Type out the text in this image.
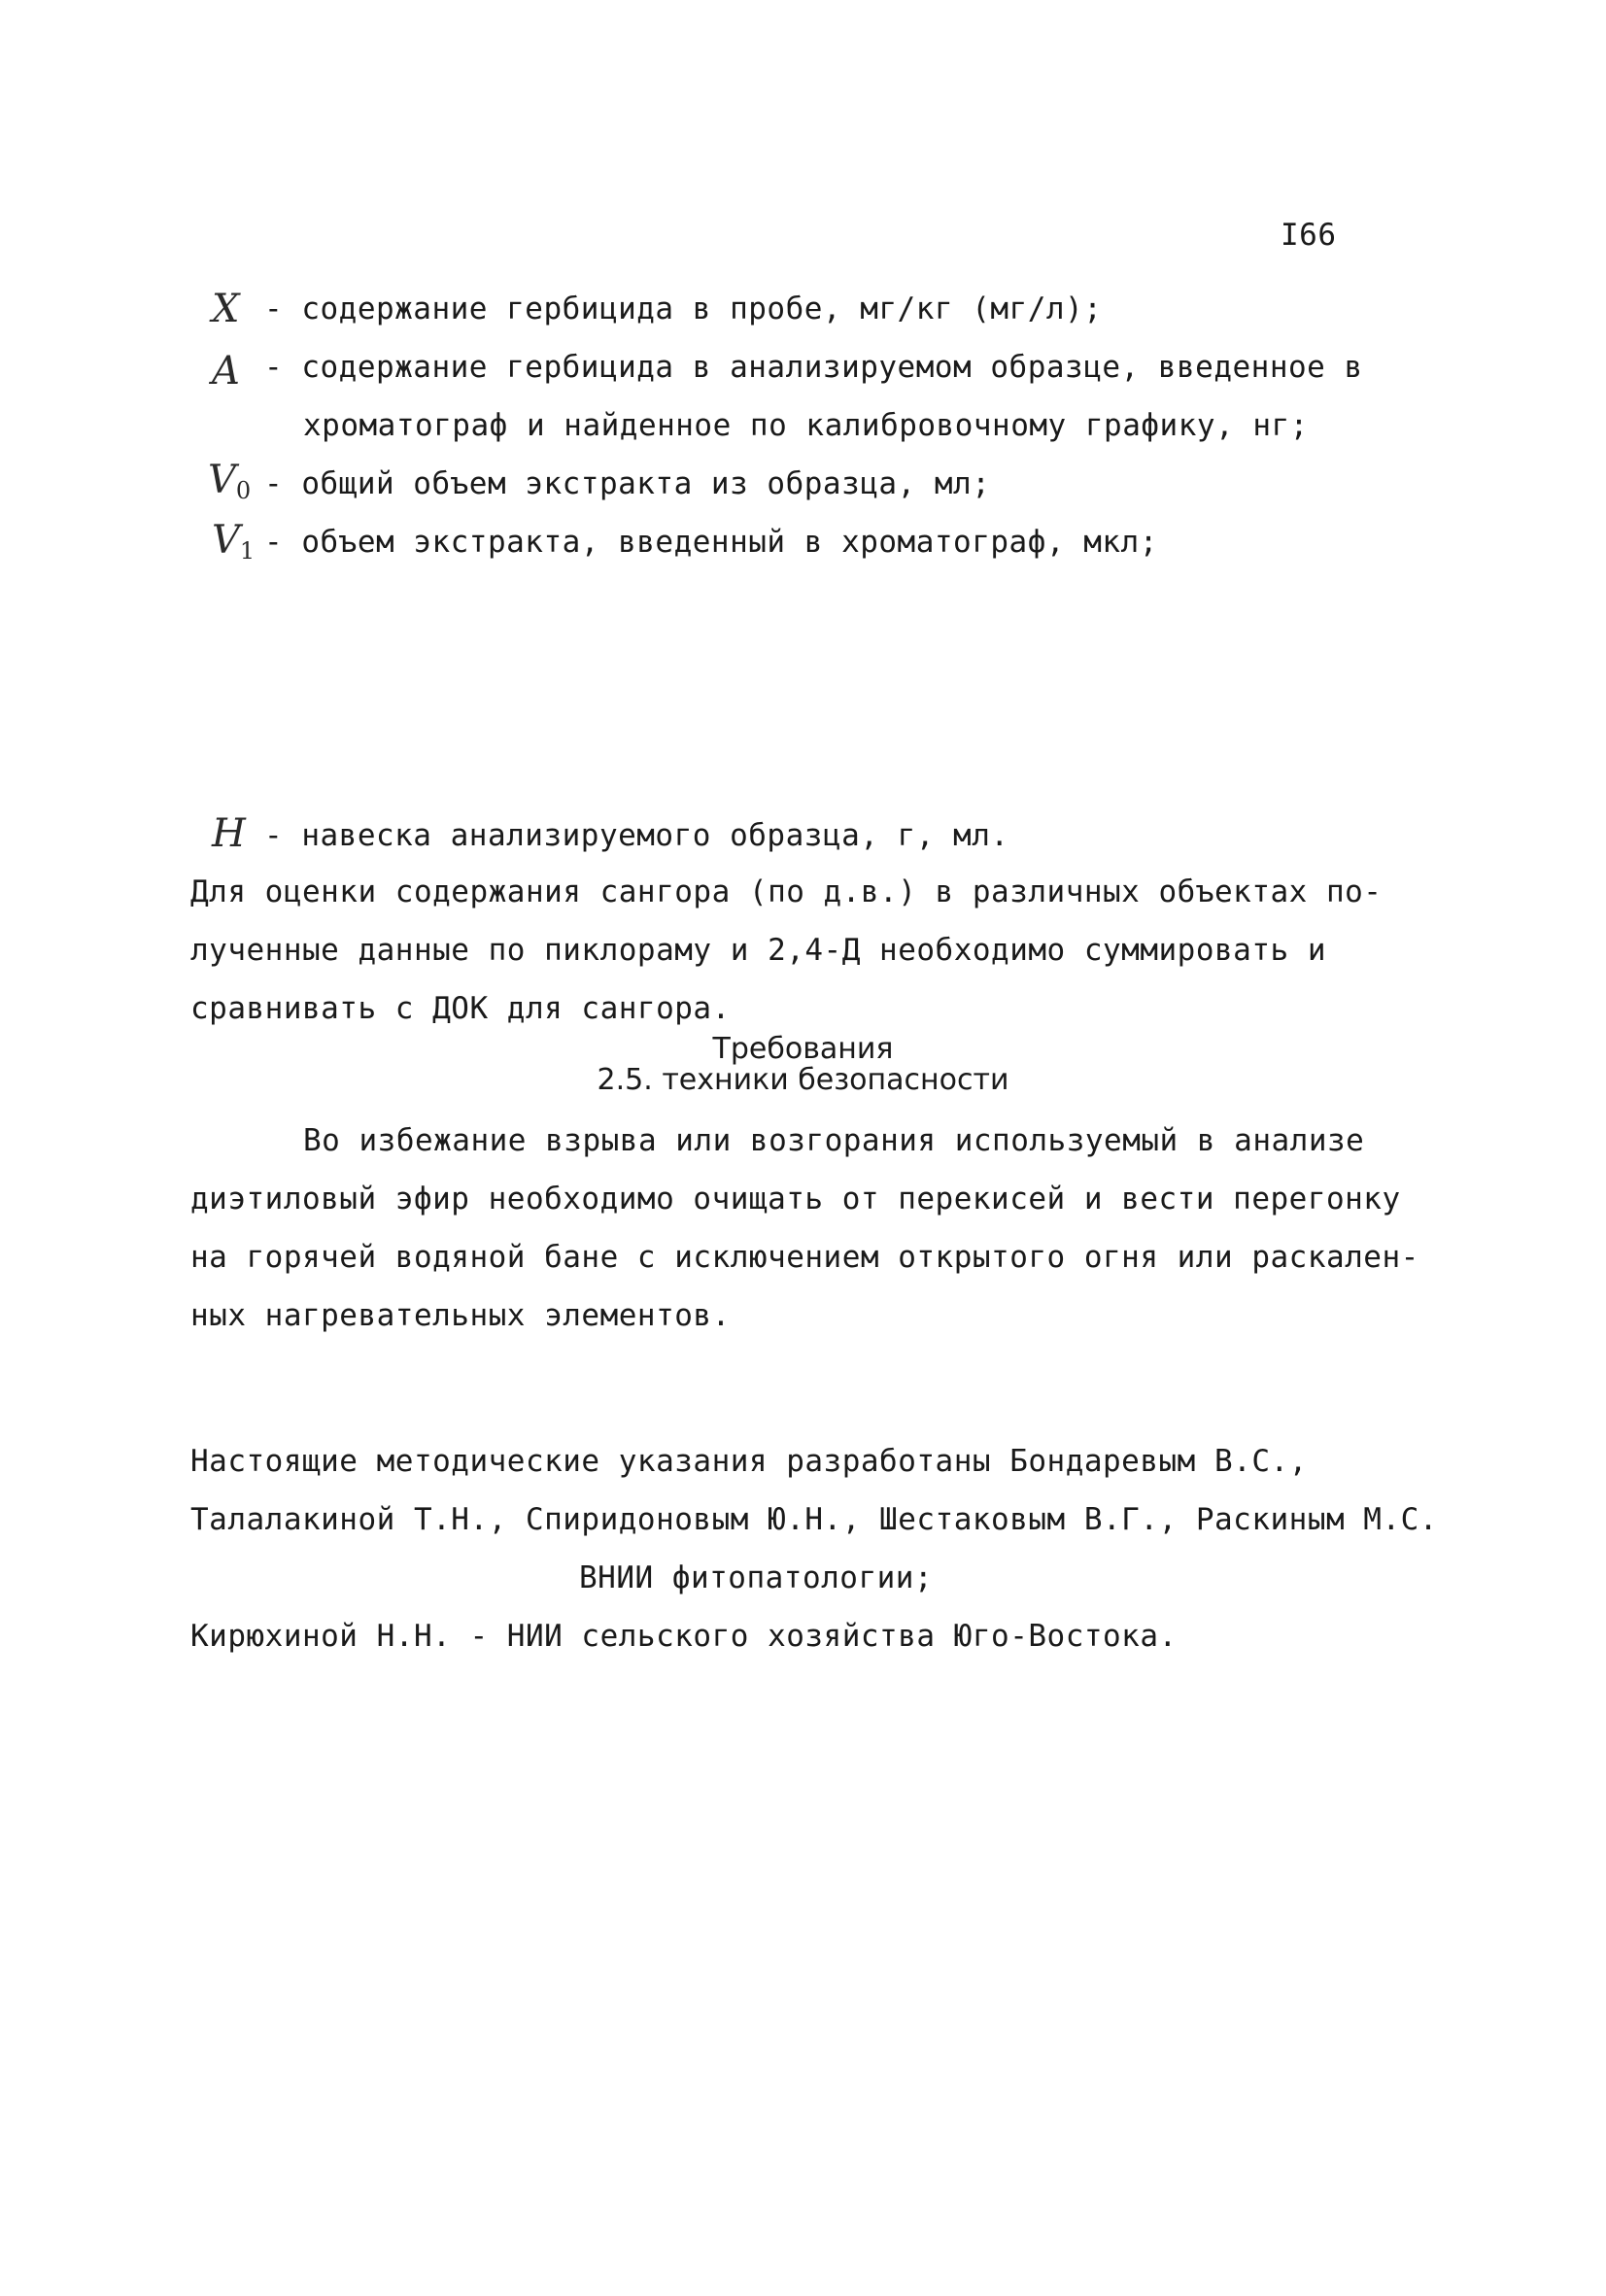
I66
X - содержание гербицида в пробе, мг/кг (мг/л);
A - содержание гербицида в анализируемом образце, введенное в
хроматограф и найденное по калибровочному графику, нг;
$V_0$ - общий объем экстракта из образца, мл;
$V_1$ - объем экстракта, введенный в хроматограф, мкл;
H - навеска анализируемого образца, г, мл.
Для оценки содержания сангора (по д.в.) в различных объектах по-
лученные данные по пиклораму и 2,4-Д необходимо суммировать и
сравнивать с ДОК для сангора.
Требования
2.5. техники безопасности
Во избежание взрыва или возгорания используемый в анализе
диэтиловый эфир необходимо очищать от перекисей и вести перегонку
на горячей водяной бане с исключением открытого огня или раскален-
ных нагревательных элементов.
Настоящие методические указания разработаны Бондаревым В.С.,
Талалакиной Т.Н., Спиридоновым Ю.Н., Шестаковым В.Г., Раскиным М.С.
ВНИИ фитопатологии;
Кирюхиной Н.Н. - НИИ сельского хозяйства Юго-Востока.
